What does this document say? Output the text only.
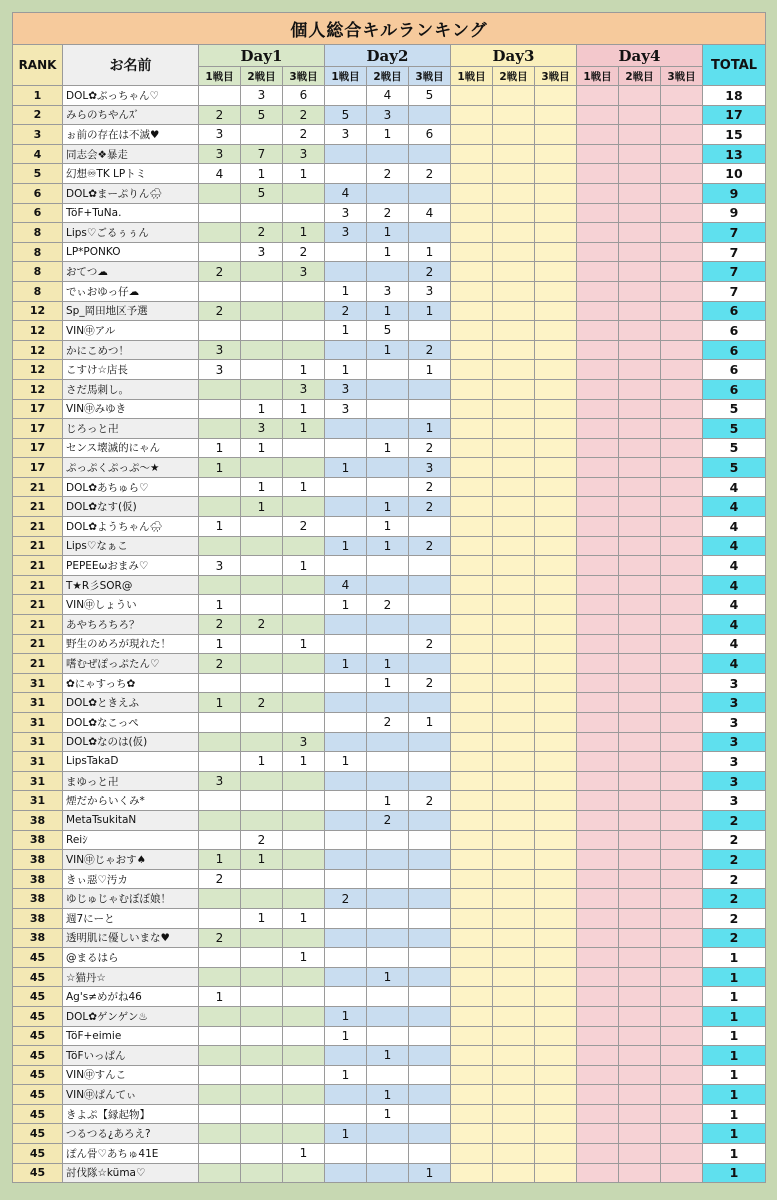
個人総合キルランキング														
RANK	お名前	Day1			Day2			Day3			Day4			TOTAL
		1戦目	2戦目	3戦目	1戦目	2戦目	3戦目	1戦目	2戦目	3戦目	1戦目	2戦目	3戦目	
1	DOL✿ぶっちゃん♡		3	6		4	5							18
2	みらのちやんｽﾞ	2	5	2	5	3								17
3	ぉ前の存在は不滅♥	3		2	3	1	6							15
4	同志会❖暴走	3	7	3										13
5	幻想♾TK LPトミ	4	1	1		2	2							10
6	DOL✿まーぷりん🌧		5		4									9
6	TöF+TuNa.				3	2	4							9
8	Lips♡ごるぅぅん		2	1	3	1								7
8	LP*PONKO		3	2		1	1							7
8	おてつ☁	2		3			2							7
8	でぃおゆっ仔☁				1	3	3							7
12	Sp_岡田地区予選	2			2	1	1							6
12	VIN㊥アル				1	5								6
12	かにこめつ！	3				1	2							6
12	こすけ☆店長	3		1	1		1							6
12	さだ馬刺し。			3	3									6
17	VIN㊥みゆき		1	1	3									5
17	じろっと卍		3	1			1							5
17	センス壊滅的にゃん	1	1			1	2							5
17	ぷっぷくぷっぷ〜★	1			1		3							5
21	DOL✿あちゅら♡		1	1			2							4
21	DOL✿なす(仮)		1			1	2							4
21	DOL✿ようちゃん🌧	1		2		1								4
21	Lips♡なぁこ				1	1	2							4
21	PEPEEωおまみ♡	3		1										4
21	T★R彡SOR@				4									4
21	VIN㊥しょうい	1			1	2								4
21	あやちろちろ？	2	2											4
21	野生のめろが現れた！	1		1			2							4
21	嗜むぜぽっぷたん♡	2			1	1								4
31	✿にゃすっち✿					1	2							3
31	DOL✿ときえふ	1	2											3
31	DOL✿なこっぺ					2	1							3
31	DOL✿なのは(仮)			3										3
31	LipsTakaD		1	1	1									3
31	まゆっと卍	3												3
31	煙だからいくみ*					1	2							3
38	MetaTsukitaN					2								2
38	Reiｼ		2											2
38	VIN㊥じゃおす♠	1	1											2
38	きぃ惡♡汚カ	2												2
38	ゆじゅじゃむぼぼ娘！				2									2
38	週7にーと		1	1										2
38	透明肌に優しいまな♥	2												2
45	@まるはら			1										1
45	☆猫丹☆					1								1
45	Ag's≠めがね46	1												1
45	DOL✿ゲンゲン♨				1									1
45	TöF+eimie				1									1
45	TöFいっぱん					1								1
45	VIN㊥すんこ				1									1
45	VIN㊥ぱんてぃ					1								1
45	きよぷ【縁起物】					1								1
45	つるつる¿あろえ?				1									1
45	ぽん骨♡あちゅ41E			1										1
45	討伐隊☆küma♡						1							1
